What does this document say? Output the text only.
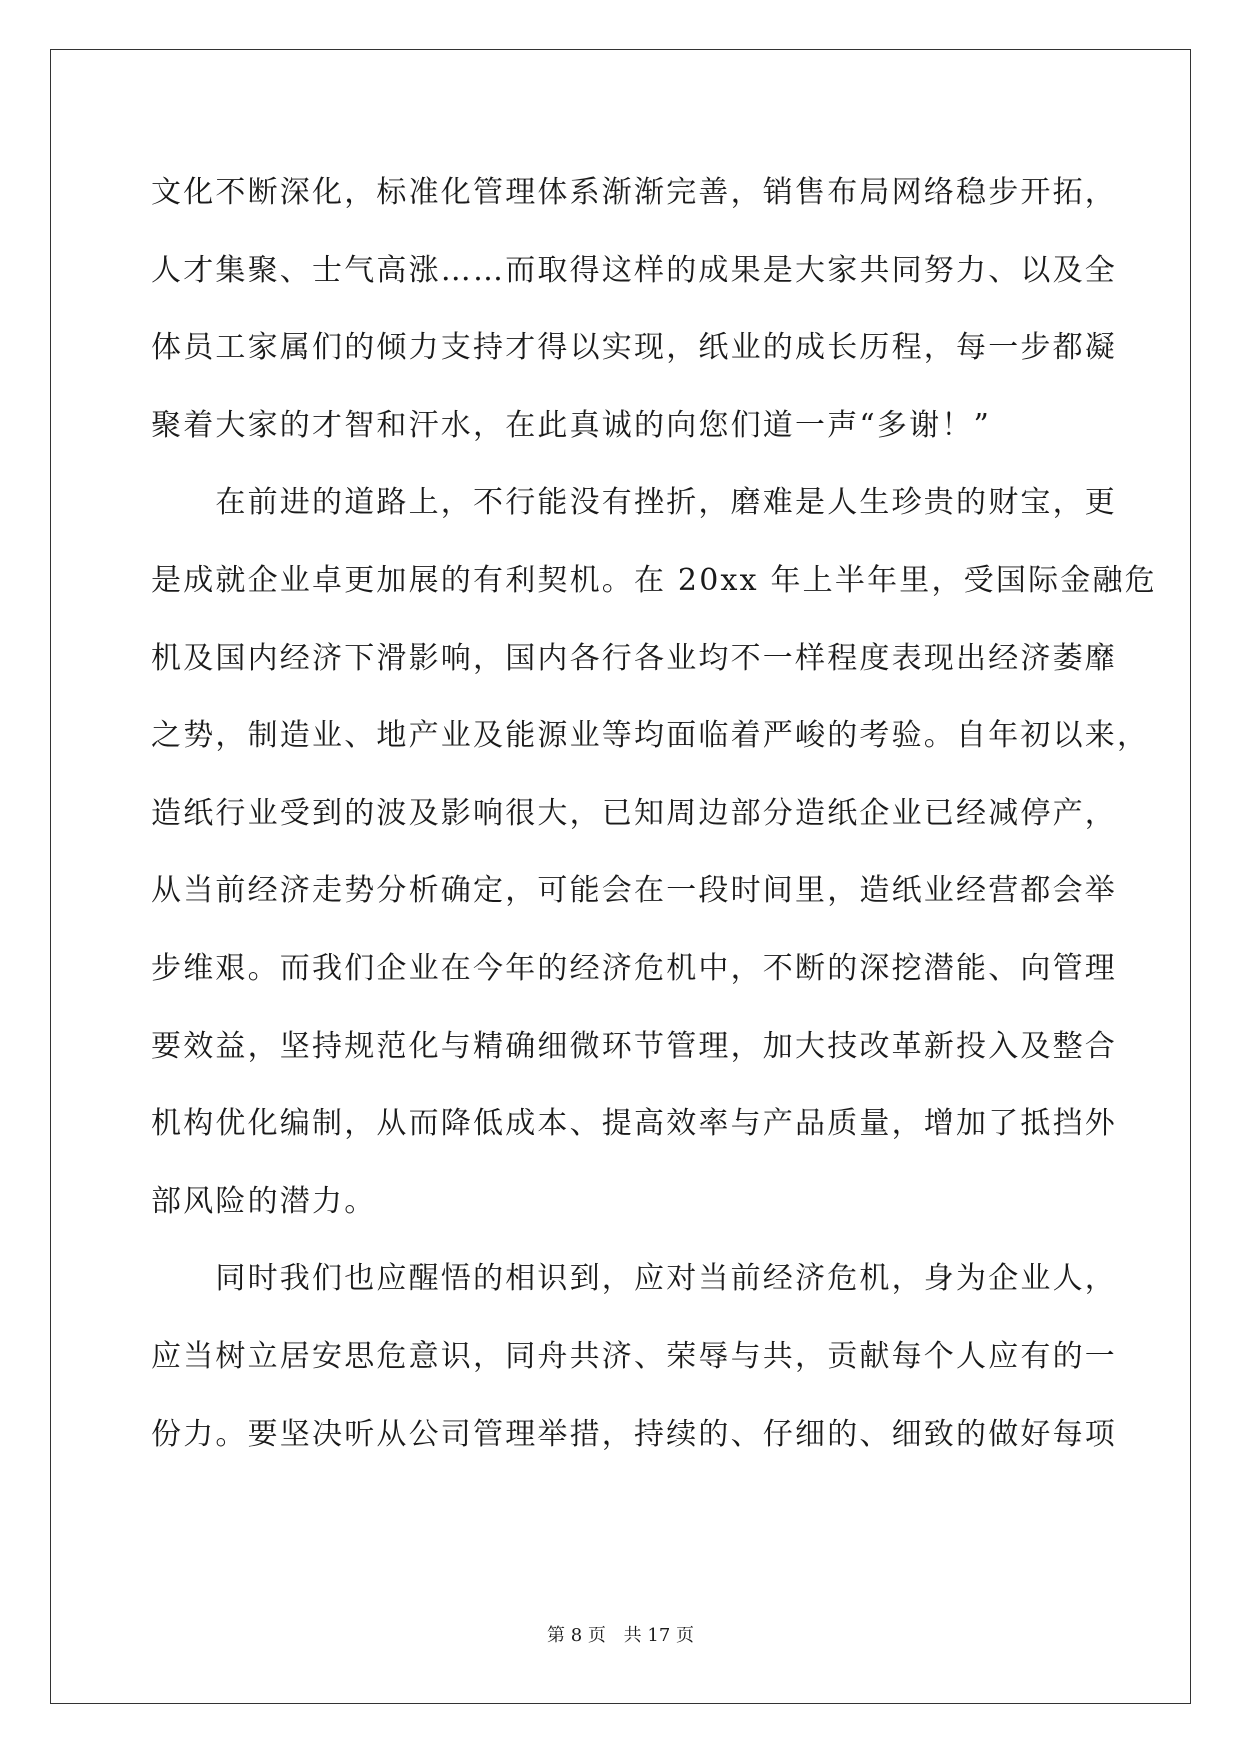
文化不断深化，标准化管理体系渐渐完善，销售布局网络稳步开拓，
人才集聚、士气高涨……而取得这样的成果是大家共同努力、以及全
体员工家属们的倾力支持才得以实现，纸业的成长历程，每一步都凝
聚着大家的才智和汗水，在此真诚的向您们道一声“多谢！”
　　在前进的道路上，不行能没有挫折，磨难是人生珍贵的财宝，更
是成就企业卓更加展的有利契机。在 20xx 年上半年里，受国际金融危
机及国内经济下滑影响，国内各行各业均不一样程度表现出经济萎靡
之势，制造业、地产业及能源业等均面临着严峻的考验。自年初以来，
造纸行业受到的波及影响很大，已知周边部分造纸企业已经减停产，
从当前经济走势分析确定，可能会在一段时间里，造纸业经营都会举
步维艰。而我们企业在今年的经济危机中，不断的深挖潜能、向管理
要效益，坚持规范化与精确细微环节管理，加大技改革新投入及整合
机构优化编制，从而降低成本、提高效率与产品质量，增加了抵挡外
部风险的潜力。
　　同时我们也应醒悟的相识到，应对当前经济危机，身为企业人，
应当树立居安思危意识，同舟共济、荣辱与共，贡献每个人应有的一
份力。要坚决听从公司管理举措，持续的、仔细的、细致的做好每项
第 8 页 共 17 页
